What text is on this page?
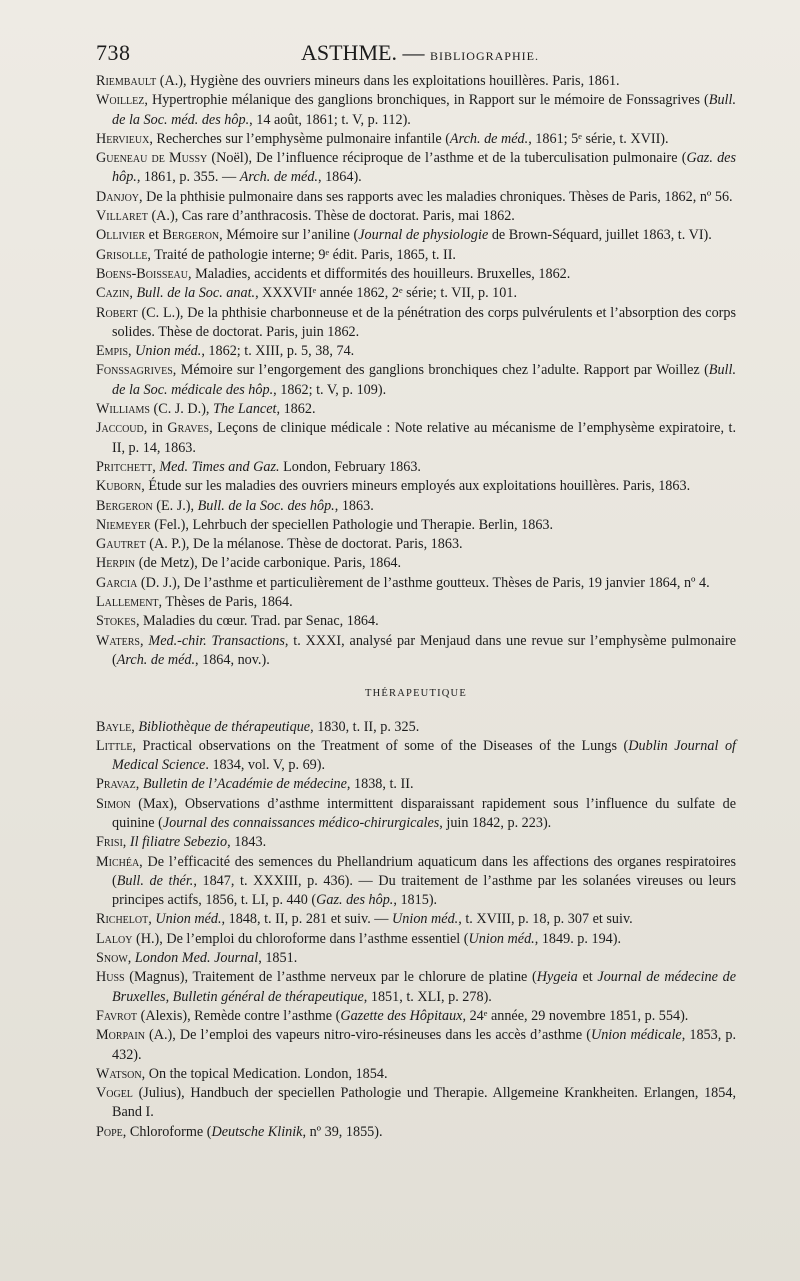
738	ASTHME. — BIBLIOGRAPHIE.

Riembault (A.), Hygiène des ouvriers mineurs dans les exploitations houillères. Paris, 1861.

Woillez, Hypertrophie mélanique des ganglions bronchiques, in Rapport sur le mémoire de Fonssagrives (Bull. de la Soc. méd. des hôp., 14 août, 1861; t. V, p. 112).

Hervieux, Recherches sur l’emphysème pulmonaire infantile (Arch. de méd., 1861; 5ᵉ série, t. XVII).

Gueneau de Mussy (Noël), De l’influence réciproque de l’asthme et de la tuberculisation pulmonaire (Gaz. des hôp., 1861, p. 355. — Arch. de méd., 1864).

Danjoy, De la phthisie pulmonaire dans ses rapports avec les maladies chroniques. Thèses de Paris, 1862, nº 56.

Villaret (A.), Cas rare d’anthracosis. Thèse de doctorat. Paris, mai 1862.

Ollivier et Bergeron, Mémoire sur l’aniline (Journal de physiologie de Brown-Séquard, juillet 1863, t. VI).

Grisolle, Traité de pathologie interne; 9ᵉ édit. Paris, 1865, t. II.

Boens-Boisseau, Maladies, accidents et difformités des houilleurs. Bruxelles, 1862.

Cazin, Bull. de la Soc. anat., XXXVIIᵉ année 1862, 2ᵉ série; t. VII, p. 101.

Robert (C. L.), De la phthisie charbonneuse et de la pénétration des corps pulvérulents et l’absorption des corps solides. Thèse de doctorat. Paris, juin 1862.

Empis, Union méd., 1862; t. XIII, p. 5, 38, 74.

Fonssagrives, Mémoire sur l’engorgement des ganglions bronchiques chez l’adulte. Rapport par Woillez (Bull. de la Soc. médicale des hôp., 1862; t. V, p. 109).

Williams (C. J. D.), The Lancet, 1862.

Jaccoud, in Graves, Leçons de clinique médicale : Note relative au mécanisme de l’emphysème expiratoire, t. II, p. 14, 1863.

Pritchett, Med. Times and Gaz. London, February 1863.

Kuborn, Étude sur les maladies des ouvriers mineurs employés aux exploitations houillères. Paris, 1863.

Bergeron (E. J.), Bull. de la Soc. des hôp., 1863.

Niemeyer (Fel.), Lehrbuch der speciellen Pathologie und Therapie. Berlin, 1863.

Gautret (A. P.), De la mélanose. Thèse de doctorat. Paris, 1863.

Herpin (de Metz), De l’acide carbonique. Paris, 1864.

Garcia (D. J.), De l’asthme et particulièrement de l’asthme goutteux. Thèses de Paris, 19 janvier 1864, nº 4.

Lallement, Thèses de Paris, 1864.

Stokes, Maladies du cœur. Trad. par Senac, 1864.

Waters, Med.-chir. Transactions, t. XXXI, analysé par Menjaud dans une revue sur l’emphysème pulmonaire (Arch. de méd., 1864, nov.).

THÉRAPEUTIQUE

Bayle, Bibliothèque de thérapeutique, 1830, t. II, p. 325.

Little, Practical observations on the Treatment of some of the Diseases of the Lungs (Dublin Journal of Medical Science. 1834, vol. V, p. 69).

Pravaz, Bulletin de l’Académie de médecine, 1838, t. II.

Simon (Max), Observations d’asthme intermittent disparaissant rapidement sous l’influence du sulfate de quinine (Journal des connaissances médico-chirurgicales, juin 1842, p. 223).

Frisi, Il filiatre Sebezio, 1843.

Michéa, De l’efficacité des semences du Phellandrium aquaticum dans les affections des organes respiratoires (Bull. de thér., 1847, t. XXXIII, p. 436). — Du traitement de l’asthme par les solanées vireuses ou leurs principes actifs, 1856, t. LI, p. 440 (Gaz. des hôp., 1815).

Richelot, Union méd., 1848, t. II, p. 281 et suiv. — Union méd., t. XVIII, p. 18, p. 307 et suiv.

Laloy (H.), De l’emploi du chloroforme dans l’asthme essentiel (Union méd., 1849. p. 194).

Snow, London Med. Journal, 1851.

Huss (Magnus), Traitement de l’asthme nerveux par le chlorure de platine (Hygeia et Journal de médecine de Bruxelles, Bulletin général de thérapeutique, 1851, t. XLI, p. 278).

Favrot (Alexis), Remède contre l’asthme (Gazette des Hôpitaux, 24ᵉ année, 29 novembre 1851, p. 554).

Morpain (A.), De l’emploi des vapeurs nitro-viro-résineuses dans les accès d’asthme (Union médicale, 1853, p. 432).

Watson, On the topical Medication. London, 1854.

Vogel (Julius), Handbuch der speciellen Pathologie und Therapie. Allgemeine Krankheiten. Erlangen, 1854, Band I.

Pope, Chloroforme (Deutsche Klinik, nº 39, 1855).
